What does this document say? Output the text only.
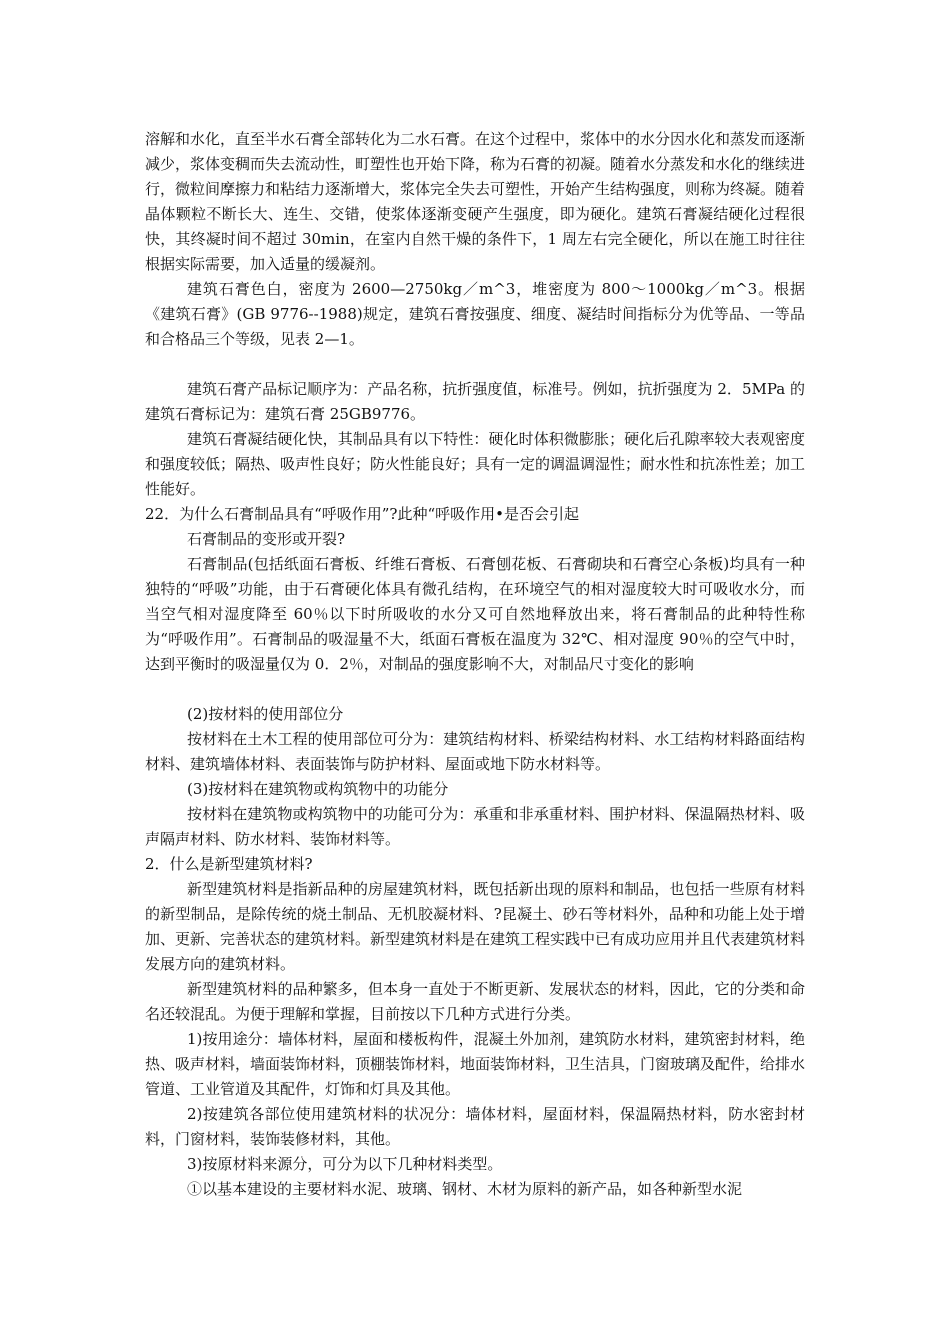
溶解和水化，直至半水石膏全部转化为二水石膏。在这个过程中，浆体中的水分因水化和蒸发而逐渐减少，浆体变稠而失去流动性，町塑性也开始下降，称为石膏的初凝。随着水分蒸发和水化的继续进行，微粒间摩擦力和粘结力逐渐增大，浆体完全失去可塑性，开始产生结构强度，则称为终凝。随着晶体颗粒不断长大、连生、交错，使浆体逐渐变硬产生强度，即为硬化。建筑石膏凝结硬化过程很快，其终凝时间不超过 30min，在室内自然干燥的条件下，1 周左右完全硬化，所以在施工时往往根据实际需要，加入适量的缓凝剂。

建筑石膏色白，密度为 2600—2750kg／m^3，堆密度为 800～1000kg／m^3。根据《建筑石膏》(GB 9776--1988)规定，建筑石膏按强度、细度、凝结时间指标分为优等品、一等品和合格品三个等级，见表 2—1。

建筑石膏产品标记顺序为：产品名称，抗折强度值，标准号。例如，抗折强度为 2．5MPa 的建筑石膏标记为：建筑石膏 25GB9776。

建筑石膏凝结硬化快，其制品具有以下特性：硬化时体积微膨胀；硬化后孔隙率较大表观密度和强度较低；隔热、吸声性良好；防火性能良好；具有一定的调温调湿性；耐水性和抗冻性差；加工性能好。

22．为什么石膏制品具有“呼吸作用”?此种“呼吸作用•是否会引起

石膏制品的变形或开裂?

石膏制品(包括纸面石膏板、纤维石膏板、石膏刨花板、石膏砌块和石膏空心条板)均具有一种独特的“呼吸”功能，由于石膏硬化体具有微孔结构，在环境空气的相对湿度较大时可吸收水分，而当空气相对湿度降至 60％以下时所吸收的水分又可自然地释放出来，将石膏制品的此种特性称为“呼吸作用”。石膏制品的吸湿量不大，纸面石膏板在温度为 32℃、相对湿度 90％的空气中时，达到平衡时的吸湿量仅为 0．2％，对制品的强度影响不大，对制品尺寸变化的影响

(2)按材料的使用部位分

按材料在土木工程的使用部位可分为：建筑结构材料、桥梁结构材料、水工结构材料路面结构材料、建筑墙体材料、表面装饰与防护材料、屋面或地下防水材料等。

(3)按材料在建筑物或构筑物中的功能分

按材料在建筑物或构筑物中的功能可分为：承重和非承重材料、围护材料、保温隔热材料、吸声隔声材料、防水材料、装饰材料等。

2．什么是新型建筑材料?

新型建筑材料是指新品种的房屋建筑材料，既包括新出现的原料和制品，也包括一些原有材料的新型制品，是除传统的烧土制品、无机胶凝材料、?昆凝土、砂石等材料外，品种和功能上处于增加、更新、完善状态的建筑材料。新型建筑材料是在建筑工程实践中已有成功应用并且代表建筑材料发展方向的建筑材料。

新型建筑材料的品种繁多，但本身一直处于不断更新、发展状态的材料，因此，它的分类和命名还较混乱。为便于理解和掌握，目前按以下几种方式进行分类。

1)按用途分：墙体材料，屋面和楼板构件，混凝土外加剂，建筑防水材料，建筑密封材料，绝热、吸声材料，墙面装饰材料，顶棚装饰材料，地面装饰材料，卫生洁具，门窗玻璃及配件，给排水管道、工业管道及其配件，灯饰和灯具及其他。

2)按建筑各部位使用建筑材料的状况分：墙体材料，屋面材料，保温隔热材料，防水密封材料，门窗材料，装饰装修材料，其他。

3)按原材料来源分，可分为以下几种材料类型。

①以基本建设的主要材料水泥、玻璃、钢材、木材为原料的新产品，如各种新型水泥
